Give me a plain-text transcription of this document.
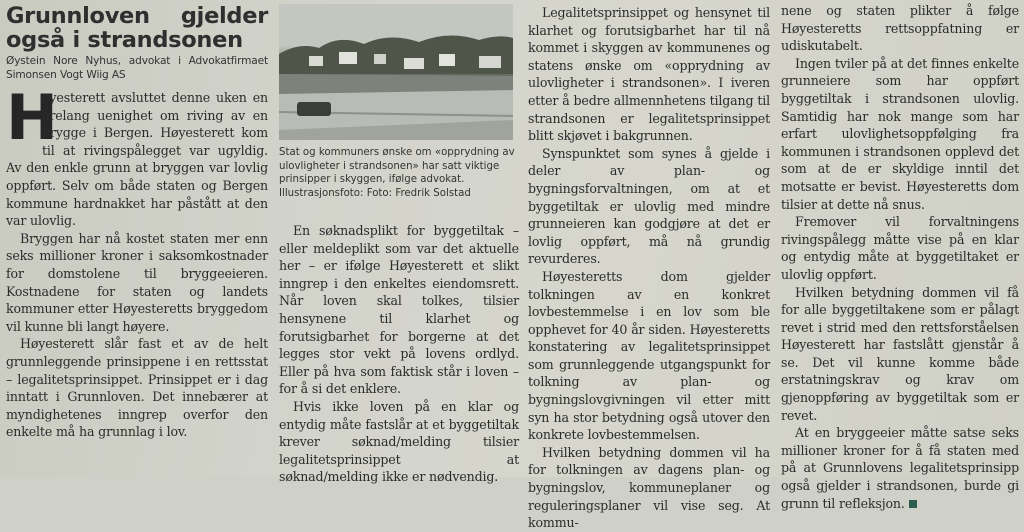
Grunnloven gjelder også i strandsonen
Øystein Nore Nyhus, advokat i Advokatfirmaet Simonsen Vogt Wiig AS

H
øyesterett avsluttet denne uken en årelang uenighet om riving av en brygge i Bergen. Høyesterett kom til at rivingspålegget var ugyldig. Av den enkle grunn at bryggen var lovlig oppført. Selv om både staten og Bergen kommune hardnakket har påstått at den var ulovlig.

Bryggen har nå kostet staten mer enn seks millioner kroner i saksomkostnader for domstolene til bryggeeieren. Kostnadene for staten og landets kommuner etter Høyesteretts bryggedom vil kunne bli langt høyere.

Høyesterett slår fast et av de helt grunnleggende prinsippene i en rettsstat – legalitetsprinsippet. Prinsippet er i dag inntatt i Grunnloven. Det innebærer at myndighetenes inngrep overfor den enkelte må ha grunnlag i lov.

Stat og kommuners ønske om «opprydning av ulovligheter i strandsonen» har satt viktige prinsipper i skyggen, ifølge advokat. Illustrasjonsfoto: Foto: Fredrik Solstad

En søknadsplikt for byggetiltak – eller meldeplikt som var det aktuelle her – er ifølge Høyesterett et slikt inngrep i den enkeltes eiendomsrett. Når loven skal tolkes, tilsier hensynene til klarhet og forutsigbarhet for borgerne at det legges stor vekt på lovens ordlyd. Eller på hva som faktisk står i loven – for å si det enklere.

Hvis ikke loven på en klar og entydig måte fastslår at et byggetiltak krever søknad/melding tilsier legalitetsprinsippet at søknad/melding ikke er nødvendig.

Legalitetsprinsippet og hensynet til klarhet og forutsigbarhet har til nå kommet i skyggen av kommunenes og statens ønske om «opprydning av ulovligheter i strandsonen». I iveren etter å bedre allmennhetens tilgang til strandsonen er legalitetsprinsippet blitt skjøvet i bakgrunnen.

Synspunktet som synes å gjelde i deler av plan- og bygningsforvaltningen, om at et byggetiltak er ulovlig med mindre grunneieren kan godgjøre at det er lovlig oppført, må nå grundig revurderes.

Høyesteretts dom gjelder tolkningen av en konkret lovbestemmelse i en lov som ble opphevet for 40 år siden. Høyesteretts konstatering av legalitetsprinsippet som grunnleggende utgangspunkt for tolkning av plan- og bygningslovgivningen vil etter mitt syn ha stor betydning også utover den konkrete lovbestemmelsen.

Hvilken betydning dommen vil ha for tolkningen av dagens plan- og bygningslov, kommuneplaner og reguleringsplaner vil vise seg. At kommu-

nene og staten plikter å følge Høyesteretts rettsoppfatning er udiskutabelt.

Ingen tviler på at det finnes enkelte grunneiere som har oppført byggetiltak i strandsonen ulovlig. Samtidig har nok mange som har erfart ulovlighetsoppfølging fra kommunen i strandsonen opplevd det som at de er skyldige inntil det motsatte er bevist. Høyesteretts dom tilsier at dette nå snus.

Fremover vil forvaltningens rivingspålegg måtte vise på en klar og entydig måte at byggetiltaket er ulovlig oppført.

Hvilken betydning dommen vil få for alle byggetiltakene som er pålagt revet i strid med den rettsforståelsen Høyesterett har fastslått gjenstår å se. Det vil kunne komme både erstatningskrav og krav om gjenoppføring av byggetiltak som er revet.

At en bryggeeier måtte satse seks millioner kroner for å få staten med på at Grunnlovens legalitetsprinsipp også gjelder i strandsonen, burde gi grunn til refleksjon.
